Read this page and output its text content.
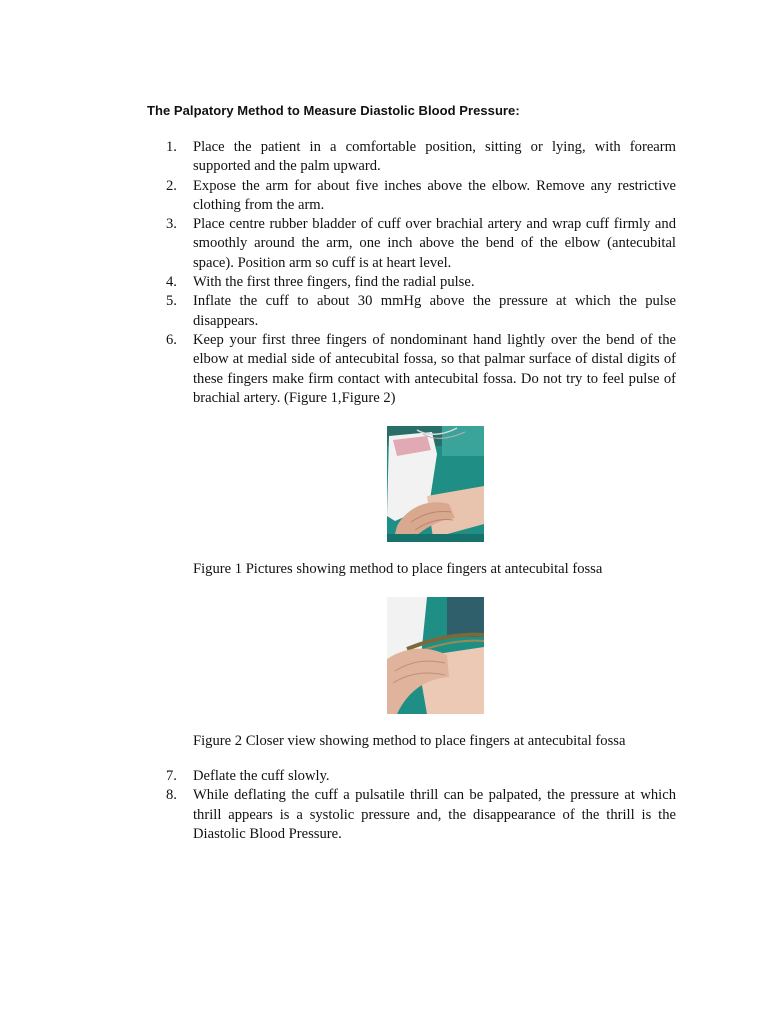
The Palpatory Method to Measure Diastolic Blood Pressure:
1. Place the patient in a comfortable position, sitting or lying, with forearm supported and the palm upward.
2. Expose the arm for about five inches above the elbow. Remove any restrictive clothing from the arm.
3. Place centre rubber bladder of cuff over brachial artery and wrap cuff firmly and smoothly around the arm, one inch above the bend of the elbow (antecubital space). Position arm so cuff is at heart level.
4. With the first three fingers, find the radial pulse.
5. Inflate the cuff to about 30 mmHg above the pressure at which the pulse disappears.
6. Keep your first three fingers of nondominant hand lightly over the bend of the elbow at medial side of antecubital fossa, so that palmar surface of distal digits of these fingers make firm contact with antecubital fossa. Do not try to feel pulse of brachial artery. (Figure 1,Figure 2)
Figure 1 Pictures showing method to place fingers at antecubital fossa
Figure 2 Closer view showing method to place fingers at antecubital fossa
7. Deflate the cuff slowly.
8. While deflating the cuff a pulsatile thrill can be palpated, the pressure at which thrill appears is a systolic pressure and, the disappearance of the thrill is the Diastolic Blood Pressure.
